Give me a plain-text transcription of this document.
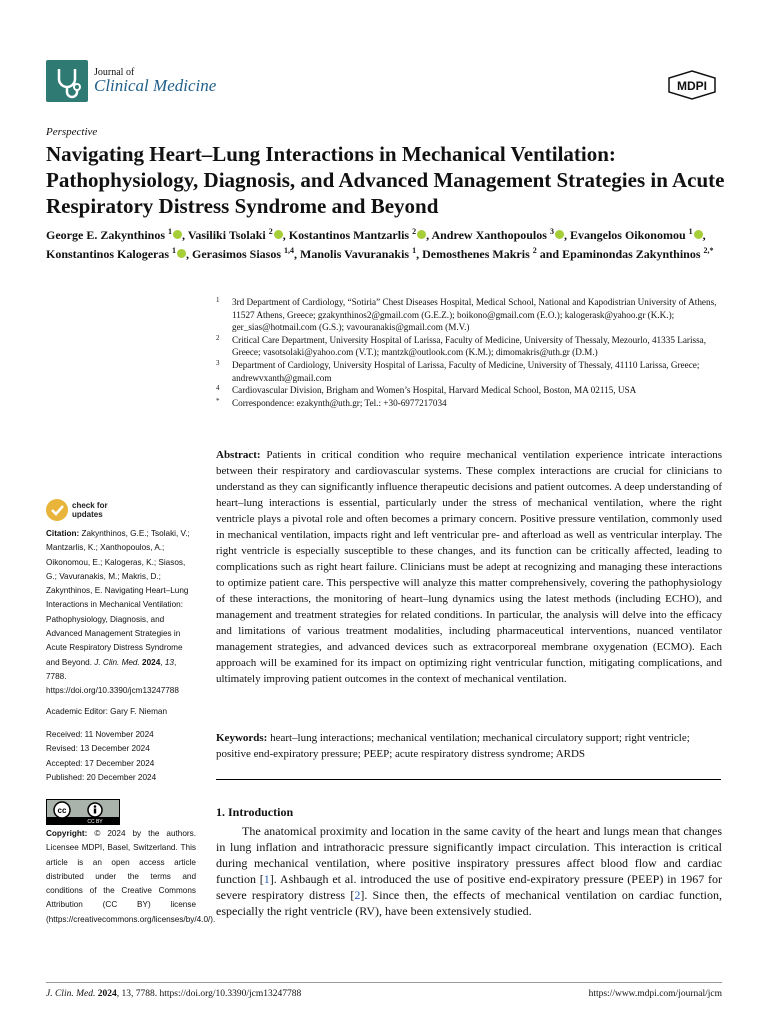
Journal of
Clinical Medicine	MDPI
Perspective
Navigating Heart–Lung Interactions in Mechanical Ventilation: Pathophysiology, Diagnosis, and Advanced Management Strategies in Acute Respiratory Distress Syndrome and Beyond
George E. Zakynthinos $^1$ , Vasiliki Tsolaki $^2$ , Kostantinos Mantzarlis $^2$ , Andrew Xanthopoulos $^3$ , Evangelos Oikonomou $^1$ , Konstantinos Kalogeras $^1$ , Gerasimos Siasos $^{1,4}$, Manolis Vavuranakis $^1$, Demosthenes Makris $^2$ and Epaminondas Zakynthinos $^{2,*}$
1 3rd Department of Cardiology, “Sotiria” Chest Diseases Hospital, Medical School, National and Kapodistrian University of Athens, 11527 Athens, Greece; gzakynthinos2@gmail.com (G.E.Z.); boikono@gmail.com (E.O.); kalogerask@yahoo.gr (K.K.); ger_sias@hotmail.com (G.S.); vavouranakis@gmail.com (M.V.)
2 Critical Care Department, University Hospital of Larissa, Faculty of Medicine, University of Thessaly, Mezourlo, 41335 Larissa, Greece; vasotsolaki@yahoo.com (V.T.); mantzk@outlook.com (K.M.); dimomakris@uth.gr (D.M.)
3 Department of Cardiology, University Hospital of Larissa, Faculty of Medicine, University of Thessaly, 41110 Larissa, Greece; andrewvxanth@gmail.com
4 Cardiovascular Division, Brigham and Women’s Hospital, Harvard Medical School, Boston, MA 02115, USA
* Correspondence: ezakynth@uth.gr; Tel.: +30-6977217034

Abstract: Patients in critical condition who require mechanical ventilation experience intricate interactions between their respiratory and cardiovascular systems. These complex interactions are crucial for clinicians to understand as they can significantly influence therapeutic decisions and patient outcomes. A deep understanding of heart–lung interactions is essential, particularly under the stress of mechanical ventilation, where the right ventricle plays a pivotal role and often becomes a primary concern. Positive pressure ventilation, commonly used in mechanical ventilation, impacts right and left ventricular pre- and afterload as well as ventricular interplay. The right ventricle is especially susceptible to these changes, and its function can be critically affected, leading to complications such as right heart failure. Clinicians must be adept at recognizing and managing these interactions to optimize patient care. This perspective will analyze this matter comprehensively, covering the pathophysiology of these interactions, the monitoring of heart–lung dynamics using the latest methods (including ECHO), and management and treatment strategies for related conditions. In particular, the analysis will delve into the efficacy and limitations of various treatment modalities, including pharmaceutical interventions, nuanced ventilator management strategies, and advanced devices such as extracorporeal membrane oxygenation (ECMO). Each approach will be examined for its impact on optimizing right ventricular function, mitigating complications, and ultimately improving patient outcomes in the context of mechanical ventilation.

Keywords: heart–lung interactions; mechanical ventilation; mechanical circulatory support; right ventricle; positive end-expiratory pressure; PEEP; acute respiratory distress syndrome; ARDS

1. Introduction

The anatomical proximity and location in the same cavity of the heart and lungs mean that changes in lung inflation and intrathoracic pressure significantly impact circulation. This interaction is critical during mechanical ventilation, where positive inspiratory pressures affect blood flow and cardiac function [1]. Ashbaugh et al. introduced the use of positive end-expiratory pressure (PEEP) in 1967 for severe respiratory distress [2]. Since then, the effects of mechanical ventilation on cardiac function, especially the right ventricle (RV), have been extensively studied.

check for
updates

Citation: Zakynthinos, G.E.; Tsolaki, V.; Mantzarlis, K.; Xanthopoulos, A.; Oikonomou, E.; Kalogeras, K.; Siasos, G.; Vavuranakis, M.; Makris, D.; Zakynthinos, E. Navigating Heart–Lung Interactions in Mechanical Ventilation: Pathophysiology, Diagnosis, and Advanced Management Strategies in Acute Respiratory Distress Syndrome and Beyond. J. Clin. Med. 2024, 13, 7788. https://doi.org/10.3390/jcm13247788

Academic Editor: Gary F. Nieman
Received: 11 November 2024
Revised: 13 December 2024
Accepted: 17 December 2024
Published: 20 December 2024
cc
CC BY

Copyright: © 2024 by the authors. Licensee MDPI, Basel, Switzerland. This article is an open access article distributed under the terms and conditions of the Creative Commons Attribution (CC BY) license (https://creativecommons.org/licenses/by/4.0/).

J. Clin. Med. 2024, 13, 7788. https://doi.org/10.3390/jcm13247788	https://www.mdpi.com/journal/jcm
